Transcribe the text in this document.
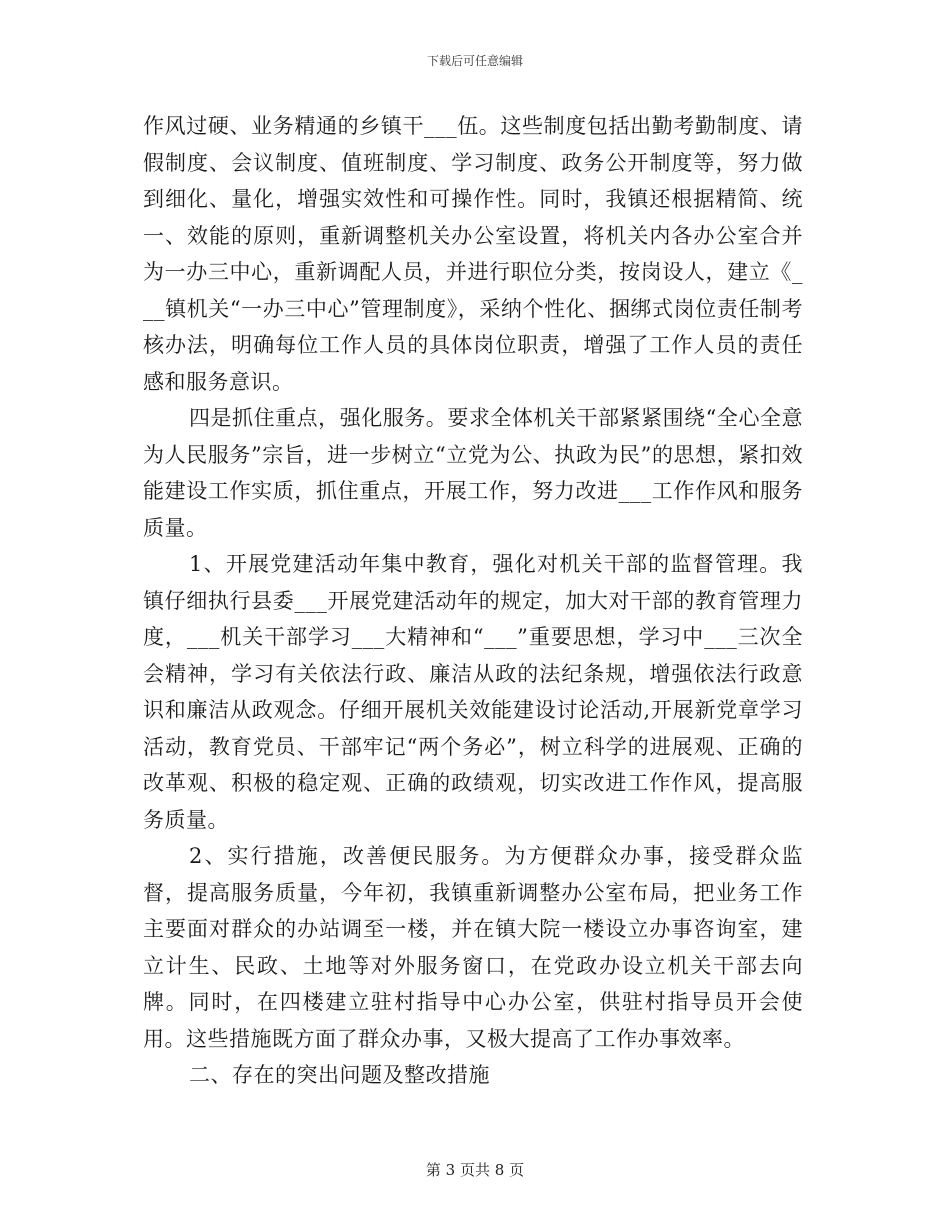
下载后可任意编辑

作风过硬、业务精通的乡镇干___伍。这些制度包括出勤考勤制度、请假制度、会议制度、值班制度、学习制度、政务公开制度等，努力做到细化、量化，增强实效性和可操作性。同时，我镇还根据精简、统一、效能的原则，重新调整机关办公室设置，将机关内各办公室合并为一办三中心，重新调配人员，并进行职位分类，按岗设人，建立《___镇机关“一办三中心”管理制度》，采纳个性化、捆绑式岗位责任制考核办法，明确每位工作人员的具体岗位职责，增强了工作人员的责任感和服务意识。

四是抓住重点，强化服务。要求全体机关干部紧紧围绕“全心全意为人民服务”宗旨，进一步树立“立党为公、执政为民”的思想，紧扣效能建设工作实质，抓住重点，开展工作，努力改进___工作作风和服务质量。

1、开展党建活动年集中教育，强化对机关干部的监督管理。我镇仔细执行县委___开展党建活动年的规定，加大对干部的教育管理力度，___机关干部学习___大精神和“___”重要思想，学习中___三次全会精神，学习有关依法行政、廉洁从政的法纪条规，增强依法行政意识和廉洁从政观念。仔细开展机关效能建设讨论活动,开展新党章学习活动，教育党员、干部牢记“两个务必”，树立科学的进展观、正确的改革观、积极的稳定观、正确的政绩观，切实改进工作作风，提高服务质量。

2、实行措施，改善便民服务。为方便群众办事，接受群众监督，提高服务质量，今年初，我镇重新调整办公室布局，把业务工作主要面对群众的办站调至一楼，并在镇大院一楼设立办事咨询室，建立计生、民政、土地等对外服务窗口，在党政办设立机关干部去向牌。同时，在四楼建立驻村指导中心办公室，供驻村指导员开会使用。这些措施既方面了群众办事，又极大提高了工作办事效率。

二、存在的突出问题及整改措施

第 3 页共 8 页
